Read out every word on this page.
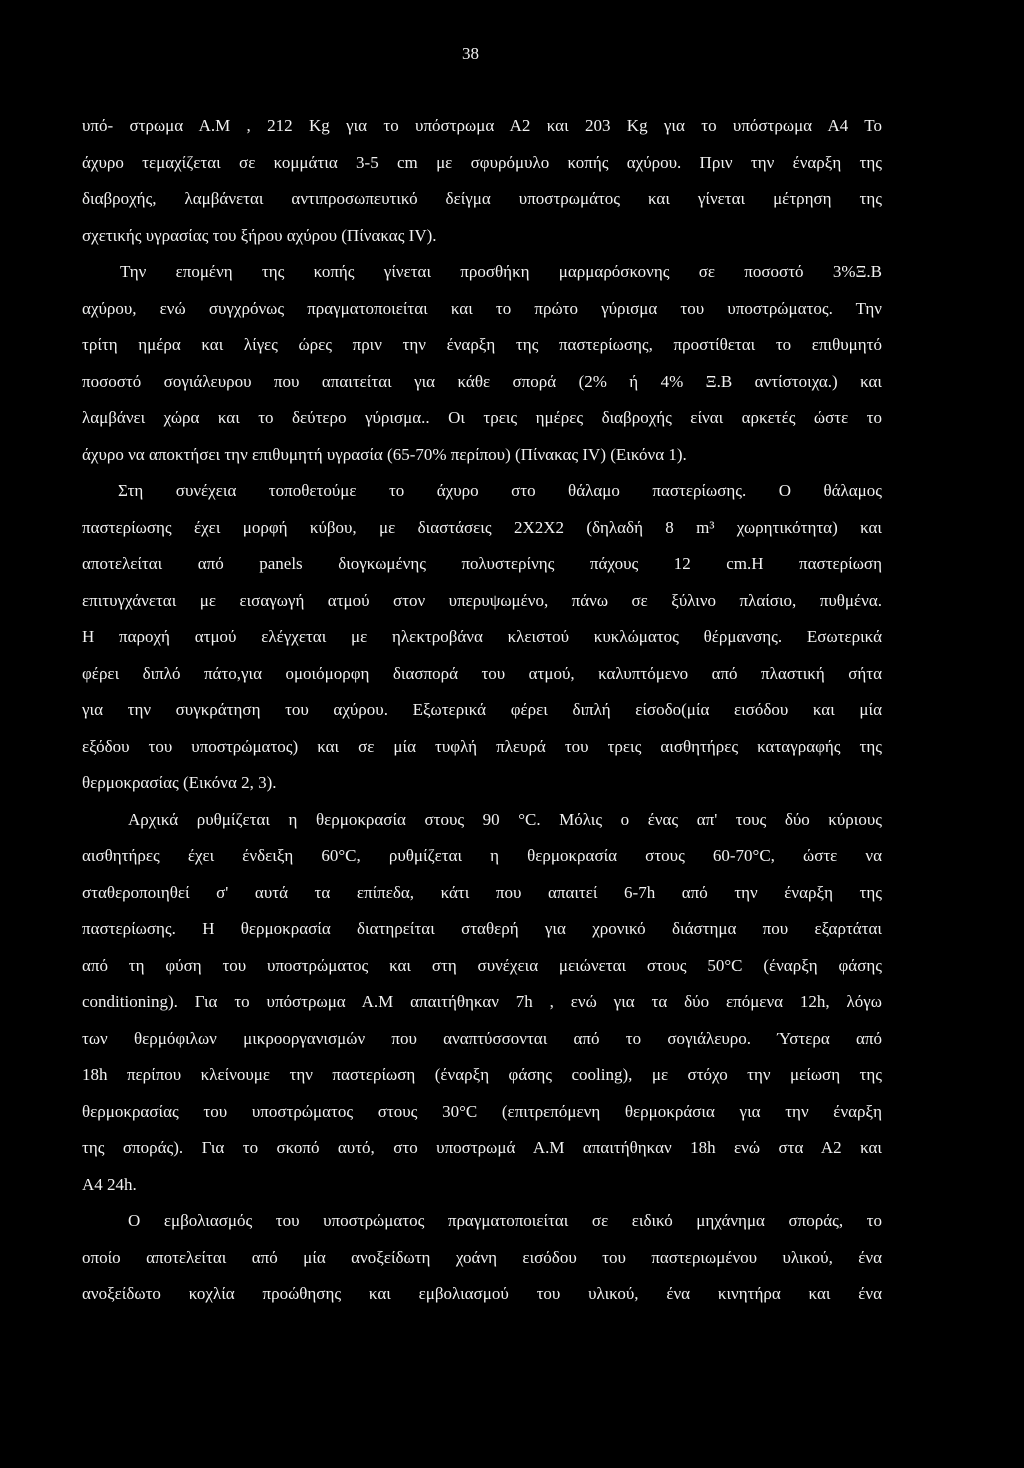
38
υπό- στρωμα Α.Μ , 212 Kg για το υπόστρωμα Α2 και 203 Kg για το υπόστρωμα Α4 Το
άχυρο τεμαχίζεται σε κομμάτια 3-5 cm με σφυρόμυλο κοπής αχύρου. Πριν την έναρξη της
διαβροχής, λαμβάνεται αντιπροσωπευτικό δείγμα υποστρωμάτος και γίνεται μέτρηση της
σχετικής υγρασίας του ξήρου αχύρου (Πίνακας IV).
Την επομένη της κοπής γίνεται προσθήκη μαρμαρόσκονης σε ποσοστό 3%Ξ.Β
αχύρου, ενώ συγχρόνως πραγματοποιείται και το πρώτο γύρισμα του υποστρώματος. Την
τρίτη ημέρα και λίγες ώρες πριν την έναρξη της παστερίωσης, προστίθεται το επιθυμητό
ποσοστό σογιάλευρου που απαιτείται για κάθε σπορά (2% ή 4% Ξ.Β αντίστοιχα.) και
λαμβάνει χώρα και το δεύτερο γύρισμα.. Οι τρεις ημέρες διαβροχής είναι αρκετές ώστε το
άχυρο να αποκτήσει την επιθυμητή υγρασία (65-70% περίπου) (Πίνακας IV) (Εικόνα 1).
Στη συνέχεια τοποθετούμε το άχυρο στο θάλαμο παστερίωσης. Ο θάλαμος
παστερίωσης έχει μορφή κύβου, με διαστάσεις 2Χ2Χ2 (δηλαδή 8 m³ χωρητικότητα) και
αποτελείται από panels διογκωμένης πολυστερίνης πάχους 12 cm.Η παστερίωση
επιτυγχάνεται με εισαγωγή ατμού στον υπερυψωμένο, πάνω σε ξύλινο πλαίσιο, πυθμένα.
Η παροχή ατμού ελέγχεται με ηλεκτροβάνα κλειστού κυκλώματος θέρμανσης. Εσωτερικά
φέρει διπλό πάτο,για ομοιόμορφη διασπορά του ατμού, καλυπτόμενο από πλαστική σήτα
για την συγκράτηση του αχύρου. Εξωτερικά φέρει διπλή είσοδο(μία εισόδου και μία
εξόδου του υποστρώματος) και σε μία τυφλή πλευρά του τρεις αισθητήρες καταγραφής της
θερμοκρασίας (Εικόνα 2, 3).
Αρχικά ρυθμίζεται η θερμοκρασία στους 90 °C. Μόλις ο ένας απ' τους δύο κύριους
αισθητήρες έχει ένδειξη 60°C, ρυθμίζεται η θερμοκρασία στους 60-70°C, ώστε να
σταθεροποιηθεί σ' αυτά τα επίπεδα, κάτι που απαιτεί 6-7h από την έναρξη της
παστερίωσης. Η θερμοκρασία διατηρείται σταθερή για χρονικό διάστημα που εξαρτάται
από τη φύση του υποστρώματος και στη συνέχεια μειώνεται στους 50°C (έναρξη φάσης
conditioning). Για το υπόστρωμα Α.Μ απαιτήθηκαν 7h , ενώ για τα δύο επόμενα 12h, λόγω
των θερμόφιλων μικροοργανισμών που αναπτύσσονται από το σογιάλευρο. Ύστερα από
18h περίπου κλείνουμε την παστερίωση (έναρξη φάσης cooling), με στόχο την μείωση της
θερμοκρασίας του υποστρώματος στους 30°C (επιτρεπόμενη θερμοκράσια για την έναρξη
της σποράς). Για το σκοπό αυτό, στο υποστρωμά Α.Μ απαιτήθηκαν 18h ενώ στα Α2 και
Α4 24h.
Ο εμβολιασμός του υποστρώματος πραγματοποιείται σε ειδικό μηχάνημα σποράς, το
οποίο αποτελείται από μία ανοξείδωτη χοάνη εισόδου του παστεριωμένου υλικού, ένα
ανοξείδωτο κοχλία προώθησης και εμβολιασμού του υλικού, ένα κινητήρα και ένα
